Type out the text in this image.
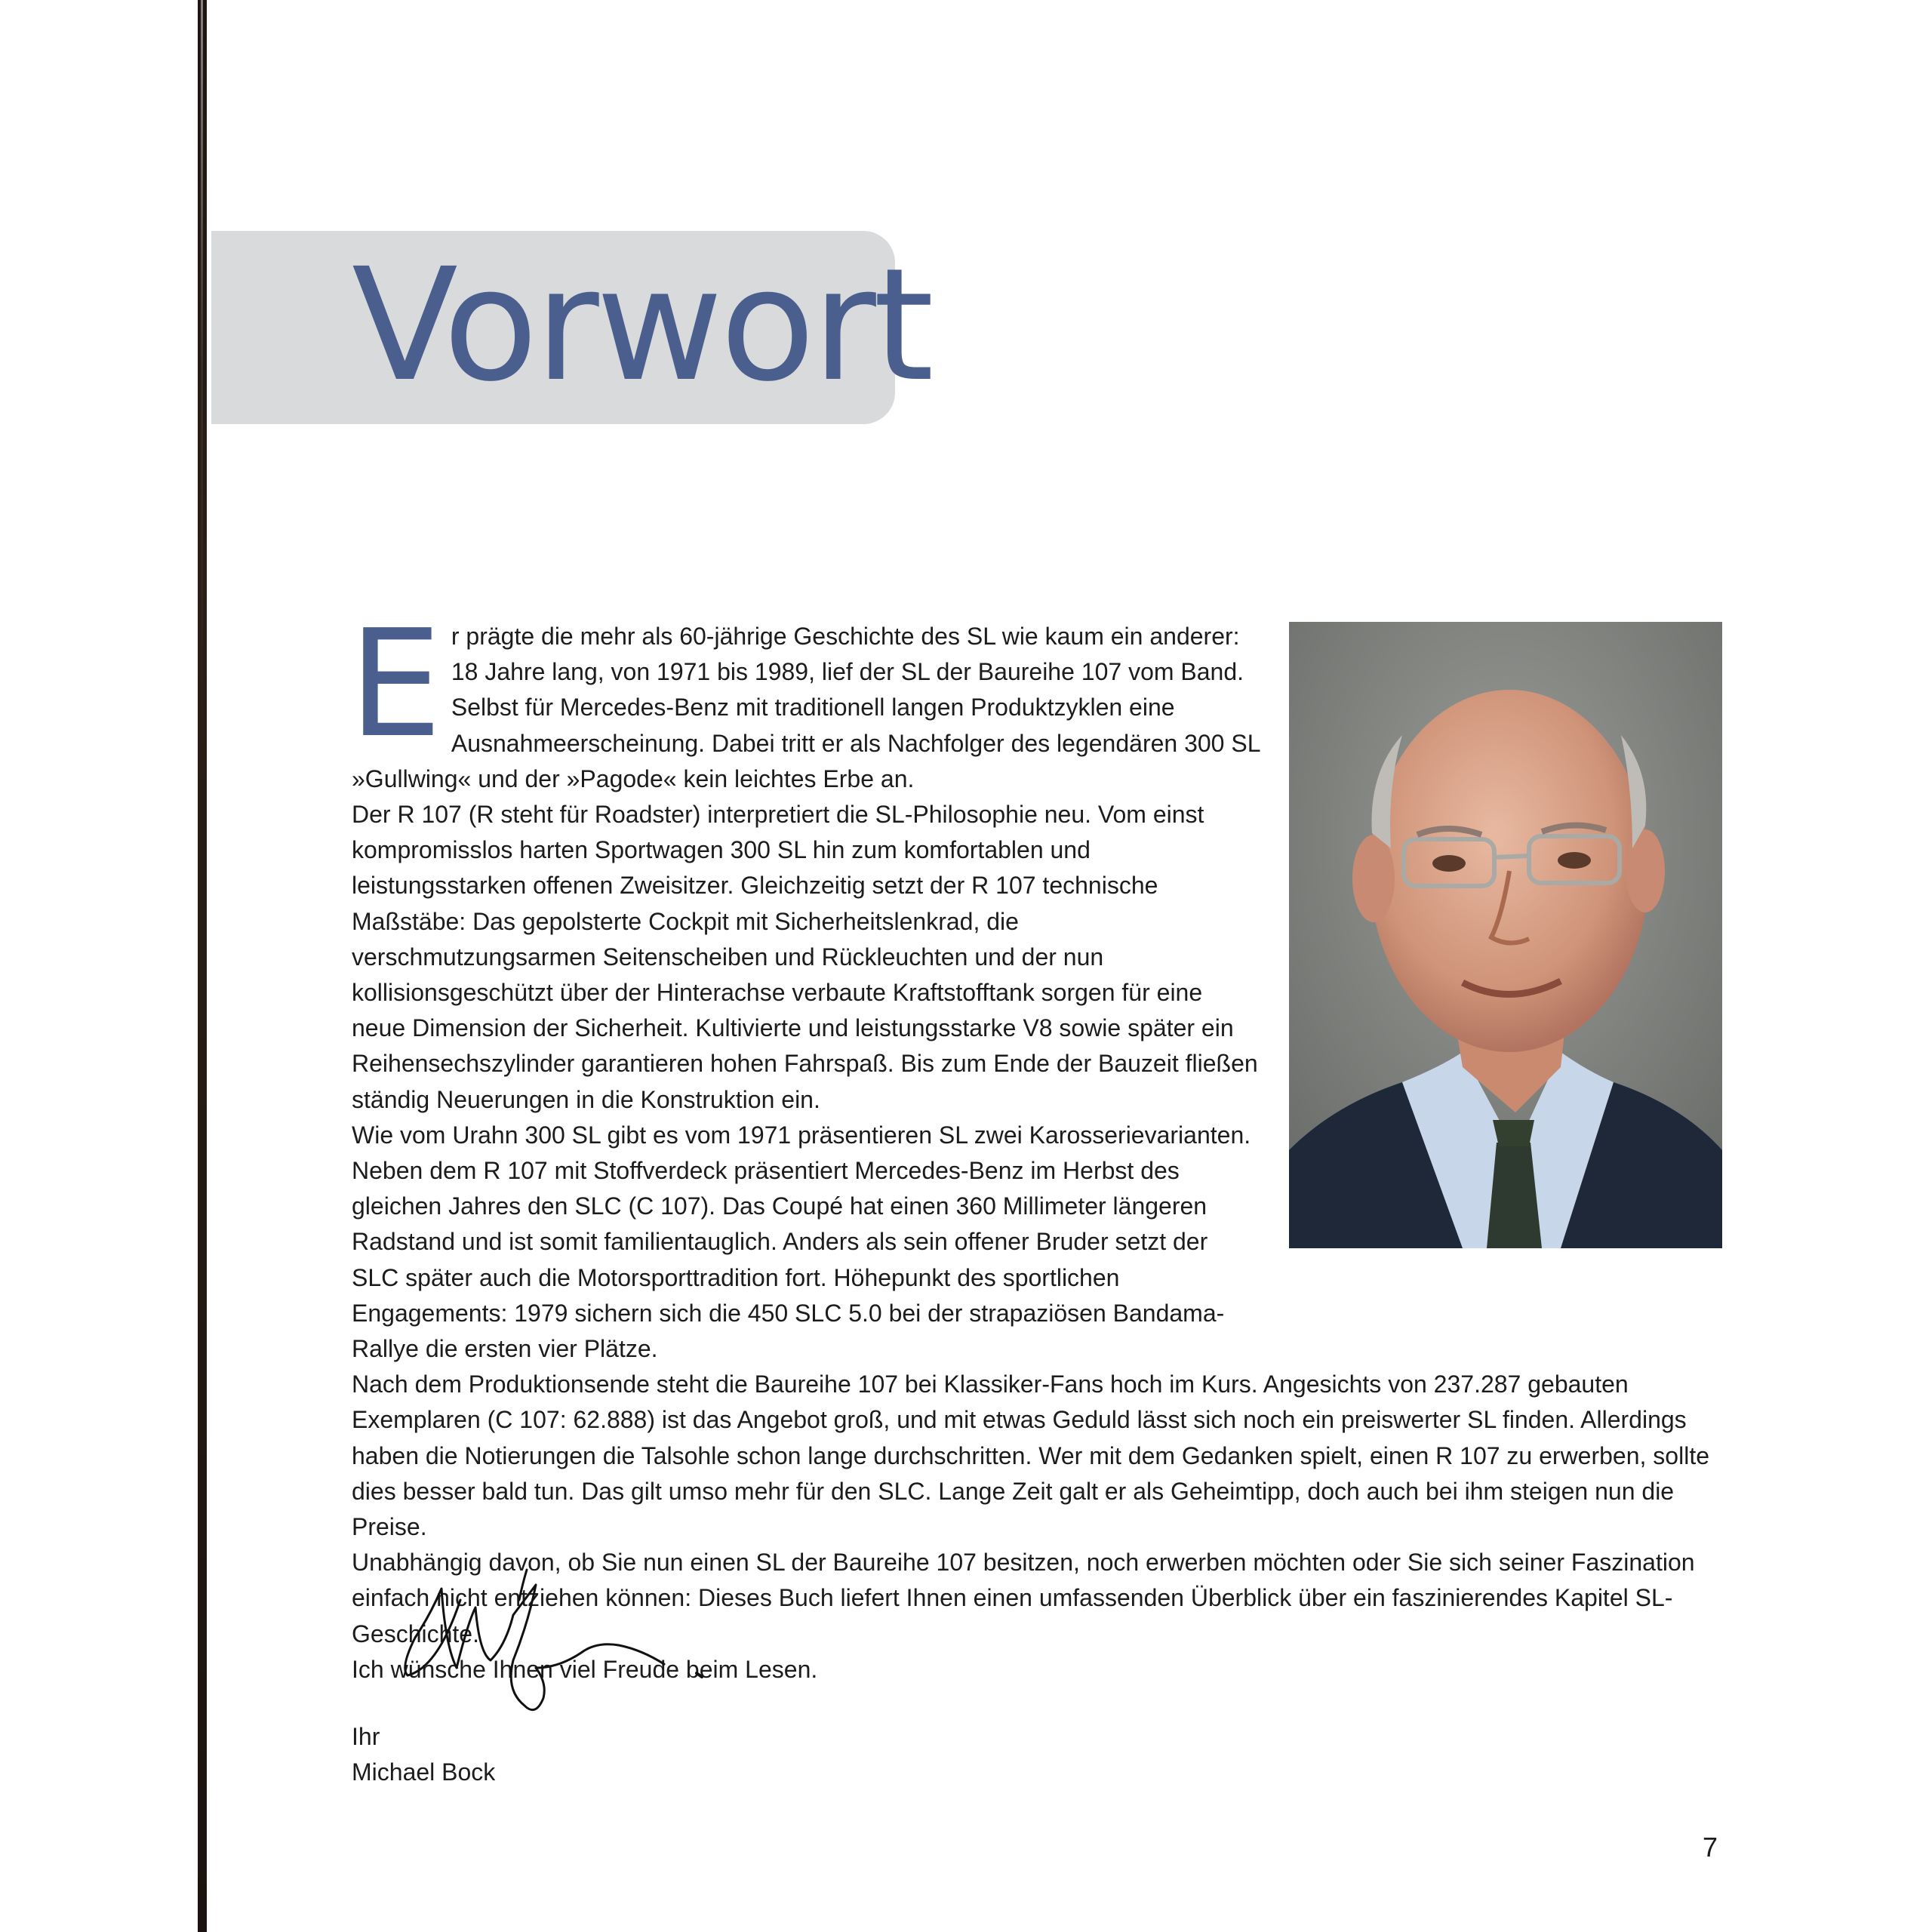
Vorwort
E r prägte die mehr als 60-jährige Geschichte des SL wie kaum ein anderer: 18 Jahre lang, von 1971 bis 1989, lief der SL der Baureihe 107 vom Band. Selbst für Mercedes-Benz mit traditionell langen Produktzyklen eine Ausnahmeerscheinung. Dabei tritt er als Nachfolger des legendären 300 SL »Gullwing« und der »Pagode« kein leichtes Erbe an.

Der R 107 (R steht für Roadster) interpretiert die SL-Philosophie neu. Vom einst kompromisslos harten Sportwagen 300 SL hin zum komfortablen und leistungsstarken offenen Zweisitzer. Gleichzeitig setzt der R 107 technische Maßstäbe: Das gepolsterte Cockpit mit Sicherheitslenkrad, die verschmutzungsarmen Seitenscheiben und Rückleuchten und der nun kollisionsgeschützt über der Hinterachse verbaute Kraftstofftank sorgen für eine neue Dimension der Sicherheit. Kultivierte und leistungsstarke V8 sowie später ein Reihensechszylinder garantieren hohen Fahrspaß. Bis zum Ende der Bauzeit fließen ständig Neuerungen in die Konstruktion ein.

Wie vom Urahn 300 SL gibt es vom 1971 präsentieren SL zwei Karosserievarianten. Neben dem R 107 mit Stoffverdeck präsentiert Mercedes-Benz im Herbst des gleichen Jahres den SLC (C 107). Das Coupé hat einen 360 Millimeter längeren Radstand und ist somit familientauglich. Anders als sein offener Bruder setzt der SLC später auch die Motorsporttradition fort. Höhepunkt des sportlichen Engagements: 1979 sichern sich die 450 SLC 5.0 bei der strapaziösen Bandama-Rallye die ersten vier Plätze.

Nach dem Produktionsende steht die Baureihe 107 bei Klassiker-Fans hoch im Kurs. Angesichts von 237.287 gebauten Exemplaren (C 107: 62.888) ist das Angebot groß, und mit etwas Geduld lässt sich noch ein preiswerter SL finden. Allerdings haben die Notierungen die Talsohle schon lange durchschritten. Wer mit dem Gedanken spielt, einen R 107 zu erwerben, sollte dies besser bald tun. Das gilt umso mehr für den SLC. Lange Zeit galt er als Geheimtipp, doch auch bei ihm steigen nun die Preise.

Unabhängig davon, ob Sie nun einen SL der Baureihe 107 besitzen, noch erwerben möchten oder Sie sich seiner Faszination einfach nicht entziehen können: Dieses Buch liefert Ihnen einen umfassenden Überblick über ein faszinierendes Kapitel SL-Geschichte.

Ich wünsche Ihnen viel Freude beim Lesen.

Ihr
Michael Bock
7
